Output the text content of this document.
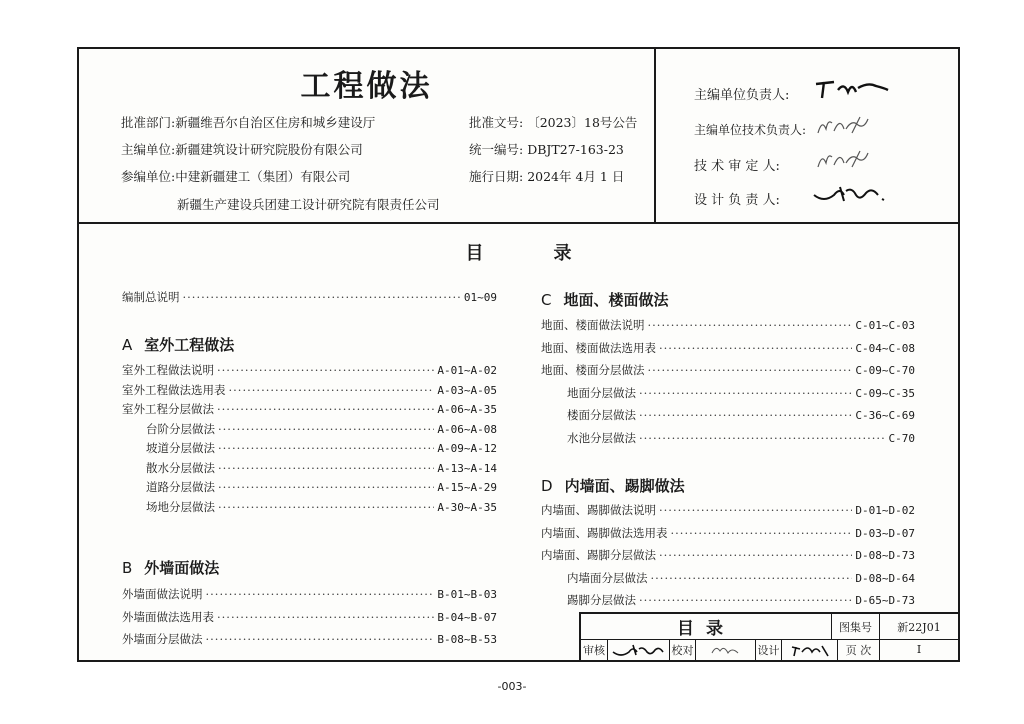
工程做法
批准部门:新疆维吾尔自治区住房和城乡建设厅
主编单位:新疆建筑设计研究院股份有限公司
参编单位:中建新疆建工（集团）有限公司
新疆生产建设兵团建工设计研究院有限责任公司
批准文号: 〔2023〕18号公告
统一编号: DBJT27-163-23
施行日期: 2024年 4月 1 日
主编单位负责人:
主编单位技术负责人:
技 术 审 定 人:
设 计 负 责 人:
目录
编制总说明 ·····	01~09
A 室外工程做法
室外工程做法说明 ·····	A-01~A-02
室外工程做法选用表 ·····	A-03~A-05
室外工程分层做法 ·····	A-06~A-35
台阶分层做法 ·····	A-06~A-08
坡道分层做法 ·····	A-09~A-12
散水分层做法 ·····	A-13~A-14
道路分层做法 ·····	A-15~A-29
场地分层做法 ·····	A-30~A-35
B 外墙面做法
外墙面做法说明 ·····	B-01~B-03
外墙面做法选用表 ·····	B-04~B-07
外墙面分层做法 ·····	B-08~B-53
C 地面、楼面做法
地面、楼面做法说明 ·····	C-01~C-03
地面、楼面做法选用表 ·····	C-04~C-08
地面、楼面分层做法 ·····	C-09~C-70
地面分层做法 ·····	C-09~C-35
楼面分层做法 ·····	C-36~C-69
水池分层做法 ·····	C-70
D 内墙面、踢脚做法
内墙面、踢脚做法说明 ·····	D-01~D-02
内墙面、踢脚做法选用表 ·····	D-03~D-07
内墙面、踢脚分层做法 ·····	D-08~D-73
内墙面分层做法 ·····	D-08~D-64
踢脚分层做法 ·····	D-65~D-73
目录	图集号	新22J01
审核	校对	设计	页 次	I
-003-
